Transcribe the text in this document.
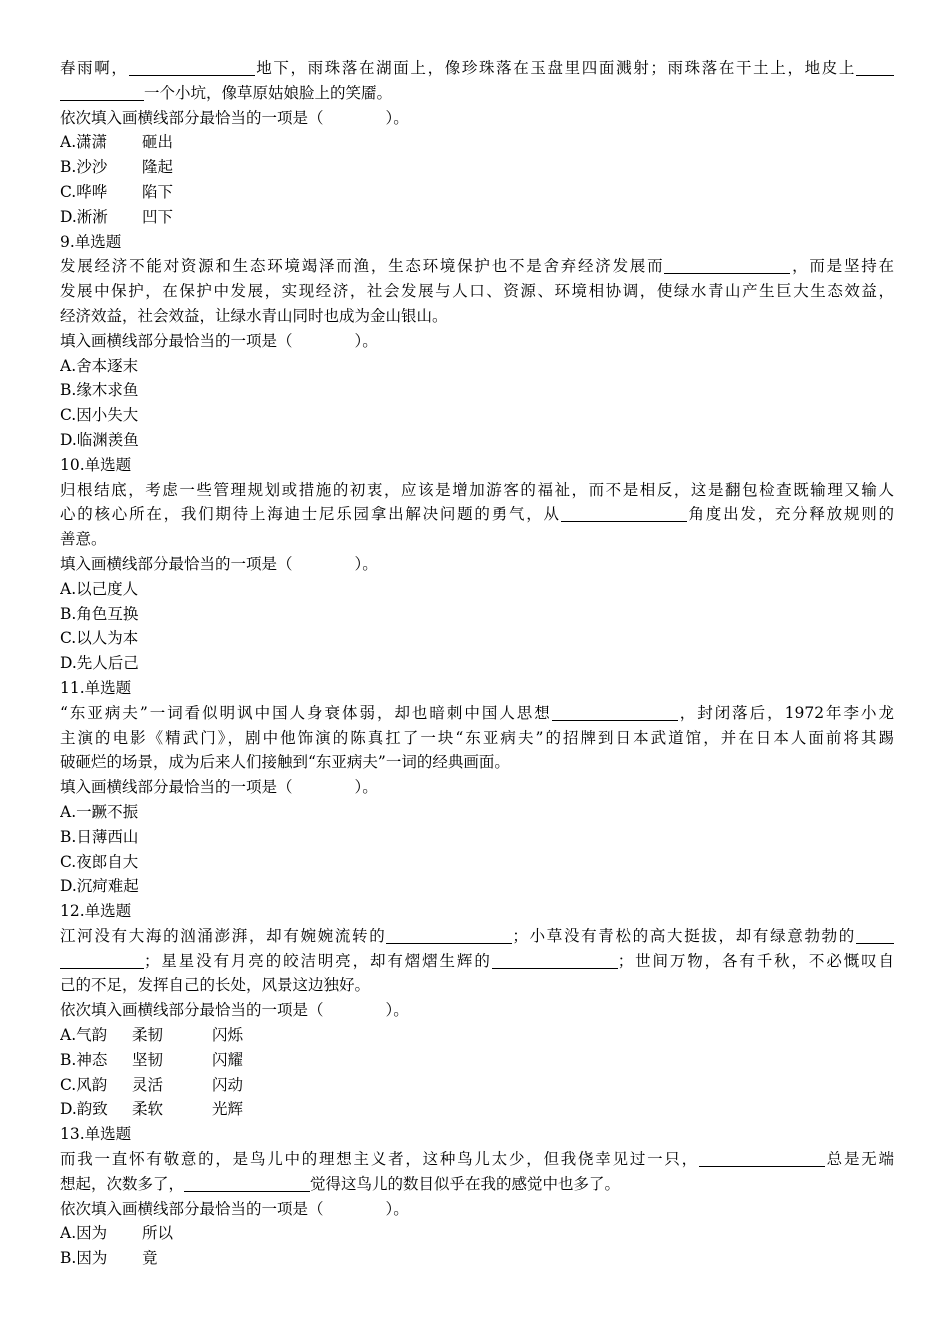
春雨啊，	地下，雨珠落在湖面上，像珍珠落在玉盘里四面溅射；雨珠落在干土上，地皮上
一个小坑，像草原姑娘脸上的笑靥。
依次填入画横线部分最恰当的一项是（　　　　）。
A.潇潇 砸出
B.沙沙 隆起
C.哗哗 陷下
D.淅淅 凹下
9.单选题
发展经济不能对资源和生态环境竭泽而渔，生态环境保护也不是舍弃经济发展而	，而是坚持在
发展中保护，在保护中发展，实现经济，社会发展与人口、资源、环境相协调，使绿水青山产生巨大生态效益，
经济效益，社会效益，让绿水青山同时也成为金山银山。
填入画横线部分最恰当的一项是（　　　　）。
A.舍本逐末
B.缘木求鱼
C.因小失大
D.临渊羡鱼
10.单选题
归根结底，考虑一些管理规划或措施的初衷，应该是增加游客的福祉，而不是相反，这是翻包检查既输理又输人
心的核心所在，我们期待上海迪士尼乐园拿出解决问题的勇气，从	角度出发，充分释放规则的
善意。
填入画横线部分最恰当的一项是（　　　　）。
A.以己度人
B.角色互换
C.以人为本
D.先人后己
11.单选题
“东亚病夫”一词看似明讽中国人身衰体弱，却也暗刺中国人思想	，封闭落后，1972年李小龙
主演的电影《精武门》，剧中他饰演的陈真扛了一块“东亚病夫”的招牌到日本武道馆，并在日本人面前将其踢
破砸烂的场景，成为后来人们接触到“东亚病夫”一词的经典画面。
填入画横线部分最恰当的一项是（　　　　）。
A.一蹶不振
B.日薄西山
C.夜郎自大
D.沉疴难起
12.单选题
江河没有大海的汹涌澎湃，却有婉婉流转的	；小草没有青松的高大挺拔，却有绿意勃勃的
；星星没有月亮的皎洁明亮，却有熠熠生辉的	；世间万物，各有千秋，不必慨叹自
己的不足，发挥自己的长处，风景这边独好。
依次填入画横线部分最恰当的一项是（　　　　）。
A.气韵 柔韧	闪烁
B.神态 坚韧	闪耀
C.风韵 灵活	闪动
D.韵致 柔软	光辉
13.单选题
而我一直怀有敬意的，是鸟儿中的理想主义者，这种鸟儿太少，但我侥幸见过一只，	总是无端
想起，次数多了，	觉得这鸟儿的数目似乎在我的感觉中也多了。
依次填入画横线部分最恰当的一项是（　　　　）。
A.因为 所以
B.因为 竟
